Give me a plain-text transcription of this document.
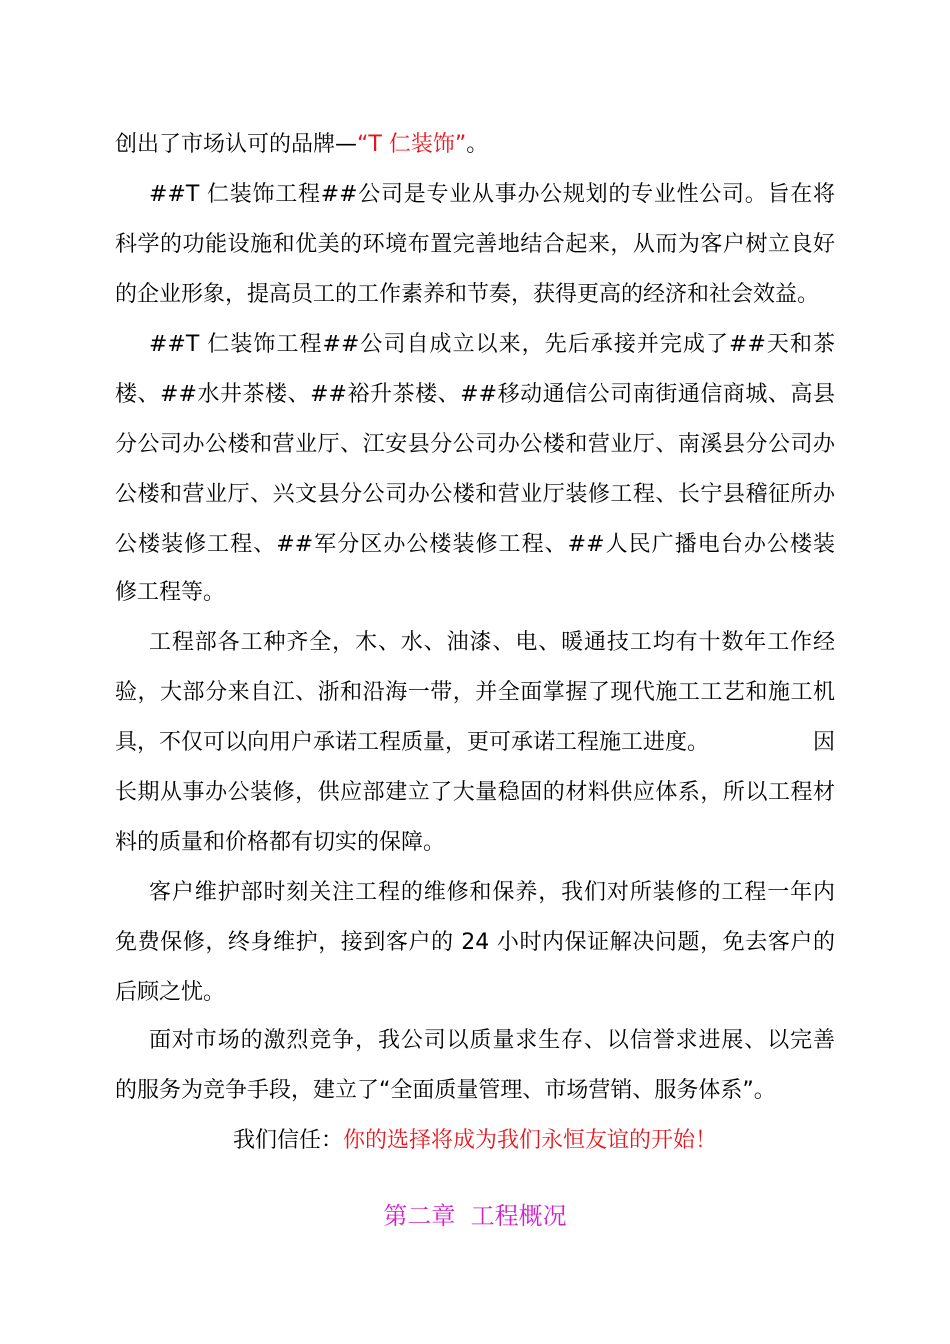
创出了市场认可的品牌—“T 仁装饰”。
##T 仁装饰工程##公司是专业从事办公规划的专业性公司。旨在将
科学的功能设施和优美的环境布置完善地结合起来，从而为客户树立良好
的企业形象，提高员工的工作素养和节奏，获得更高的经济和社会效益。
##T 仁装饰工程##公司自成立以来，先后承接并完成了##天和茶
楼、##水井茶楼、##裕升茶楼、##移动通信公司南街通信商城、高县
分公司办公楼和营业厅、江安县分公司办公楼和营业厅、南溪县分公司办
公楼和营业厅、兴文县分公司办公楼和营业厅装修工程、长宁县稽征所办
公楼装修工程、##军分区办公楼装修工程、##人民广播电台办公楼装
修工程等。
工程部各工种齐全，木、水、油漆、电、暖通技工均有十数年工作经
验，大部分来自江、浙和沿海一带，并全面掌握了现代施工工艺和施工机
具，不仅可以向用户承诺工程质量，更可承诺工程施工进度。	因
长期从事办公装修，供应部建立了大量稳固的材料供应体系，所以工程材
料的质量和价格都有切实的保障。
客户维护部时刻关注工程的维修和保养，我们对所装修的工程一年内
免费保修，终身维护，接到客户的 24 小时内保证解决问题，免去客户的
后顾之忧。
面对市场的激烈竞争，我公司以质量求生存、以信誉求进展、以完善
的服务为竞争手段，建立了“全面质量管理、市场营销、服务体系”。
我们信任：你的选择将成为我们永恒友谊的开始！
第二章  工程概况
